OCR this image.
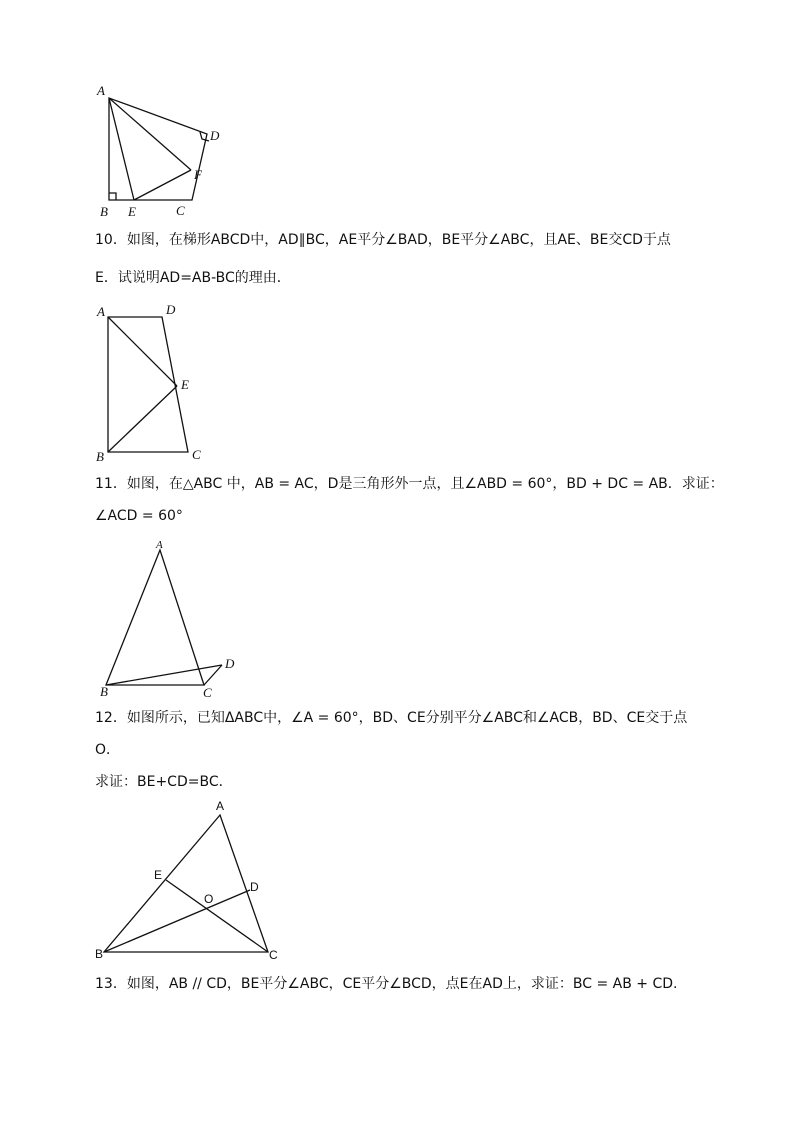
A
B E	C
D
F
10．如图，在梯形ABCD中，AD∥BC，AE平分∠BAD，BE平分∠ABC，且AE、BE交CD于点
E．试说明AD=AB-BC的理由．
A	D
E
B	C
11．如图，在△ABC 中，AB = AC，D是三角形外一点，且∠ABD = 60°，BD + DC = AB．求证：
∠ACD = 60°
A
B	C
D
12．如图所示，已知ΔABC中，∠A = 60°，BD、CE分别平分∠ABC和∠ACB，BD、CE交于点
O．
求证：BE+CD=BC．
A
E
O
D
B	C
13．如图，AB // CD，BE平分∠ABC，CE平分∠BCD，点E在AD上，求证：BC = AB + CD.
